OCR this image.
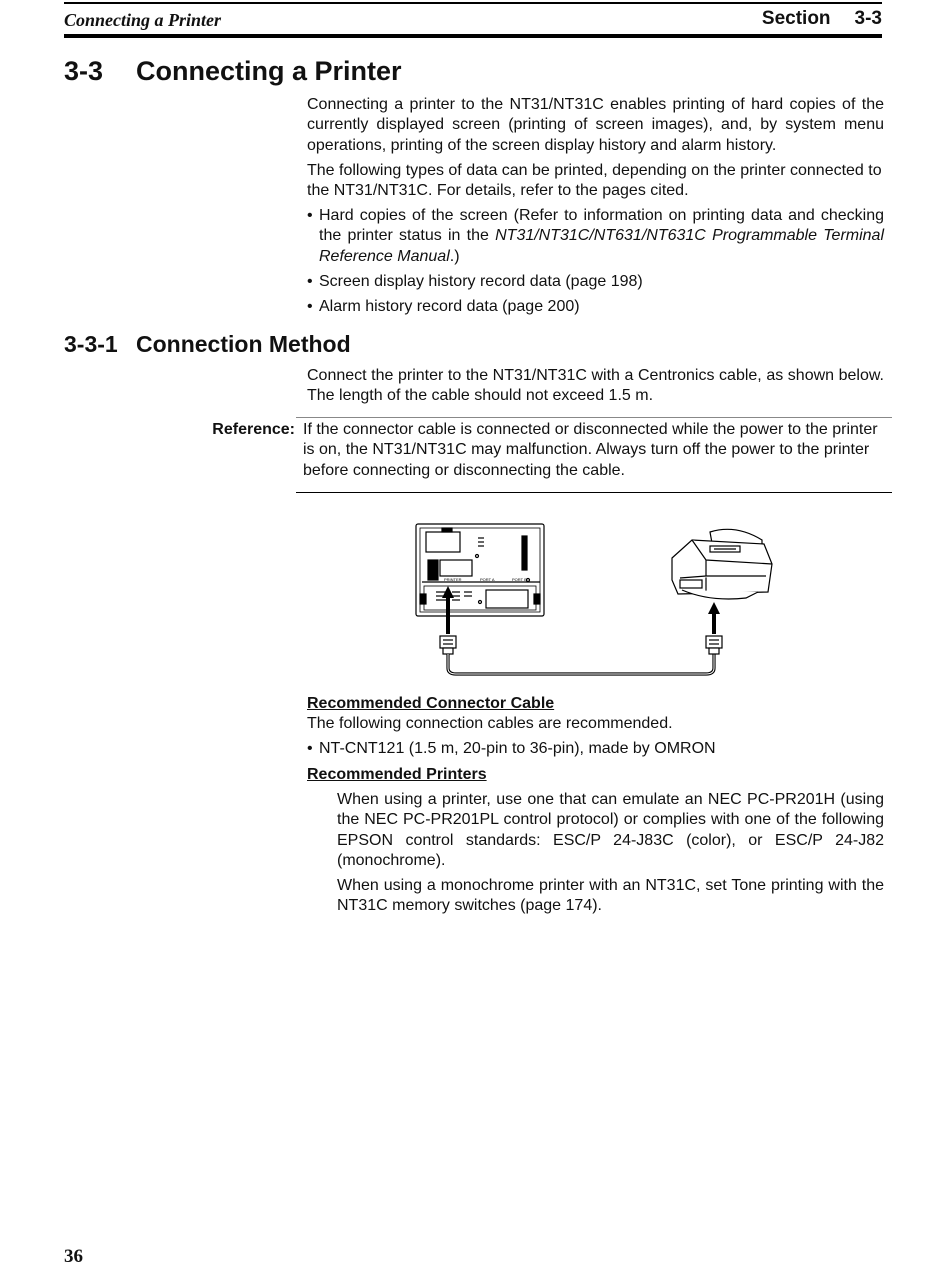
Connecting a Printer	Section 3-3
3-3 Connecting a Printer
Connecting a printer to the NT31/NT31C enables printing of hard copies of the currently displayed screen (printing of screen images), and, by system menu operations, printing of the screen display history and alarm history.
The following types of data can be printed, depending on the printer connected to the NT31/NT31C. For details, refer to the pages cited.
• Hard copies of the screen (Refer to information on printing data and checking the printer status in the NT31/NT31C/NT631/NT631C Programmable Terminal Reference Manual.)
• Screen display history record data (page 198)
• Alarm history record data (page 200)
3-3-1 Connection Method
Connect the printer to the NT31/NT31C with a Centronics cable, as shown below. The length of the cable should not exceed 1.5 m.
Reference: If the connector cable is connected or disconnected while the power to the printer is on, the NT31/NT31C may malfunction. Always turn off the power to the printer before connecting or disconnecting the cable.
PRINTER	PORT A	PORT B
Recommended Connector Cable
The following connection cables are recommended.
• NT-CNT121 (1.5 m, 20-pin to 36-pin), made by OMRON
Recommended Printers
When using a printer, use one that can emulate an NEC PC-PR201H (using the NEC PC-PR201PL control protocol) or complies with one of the following EPSON control standards: ESC/P 24-J83C (color), or ESC/P 24-J82 (monochrome).
When using a monochrome printer with an NT31C, set Tone printing with the NT31C memory switches (page 174).
36
